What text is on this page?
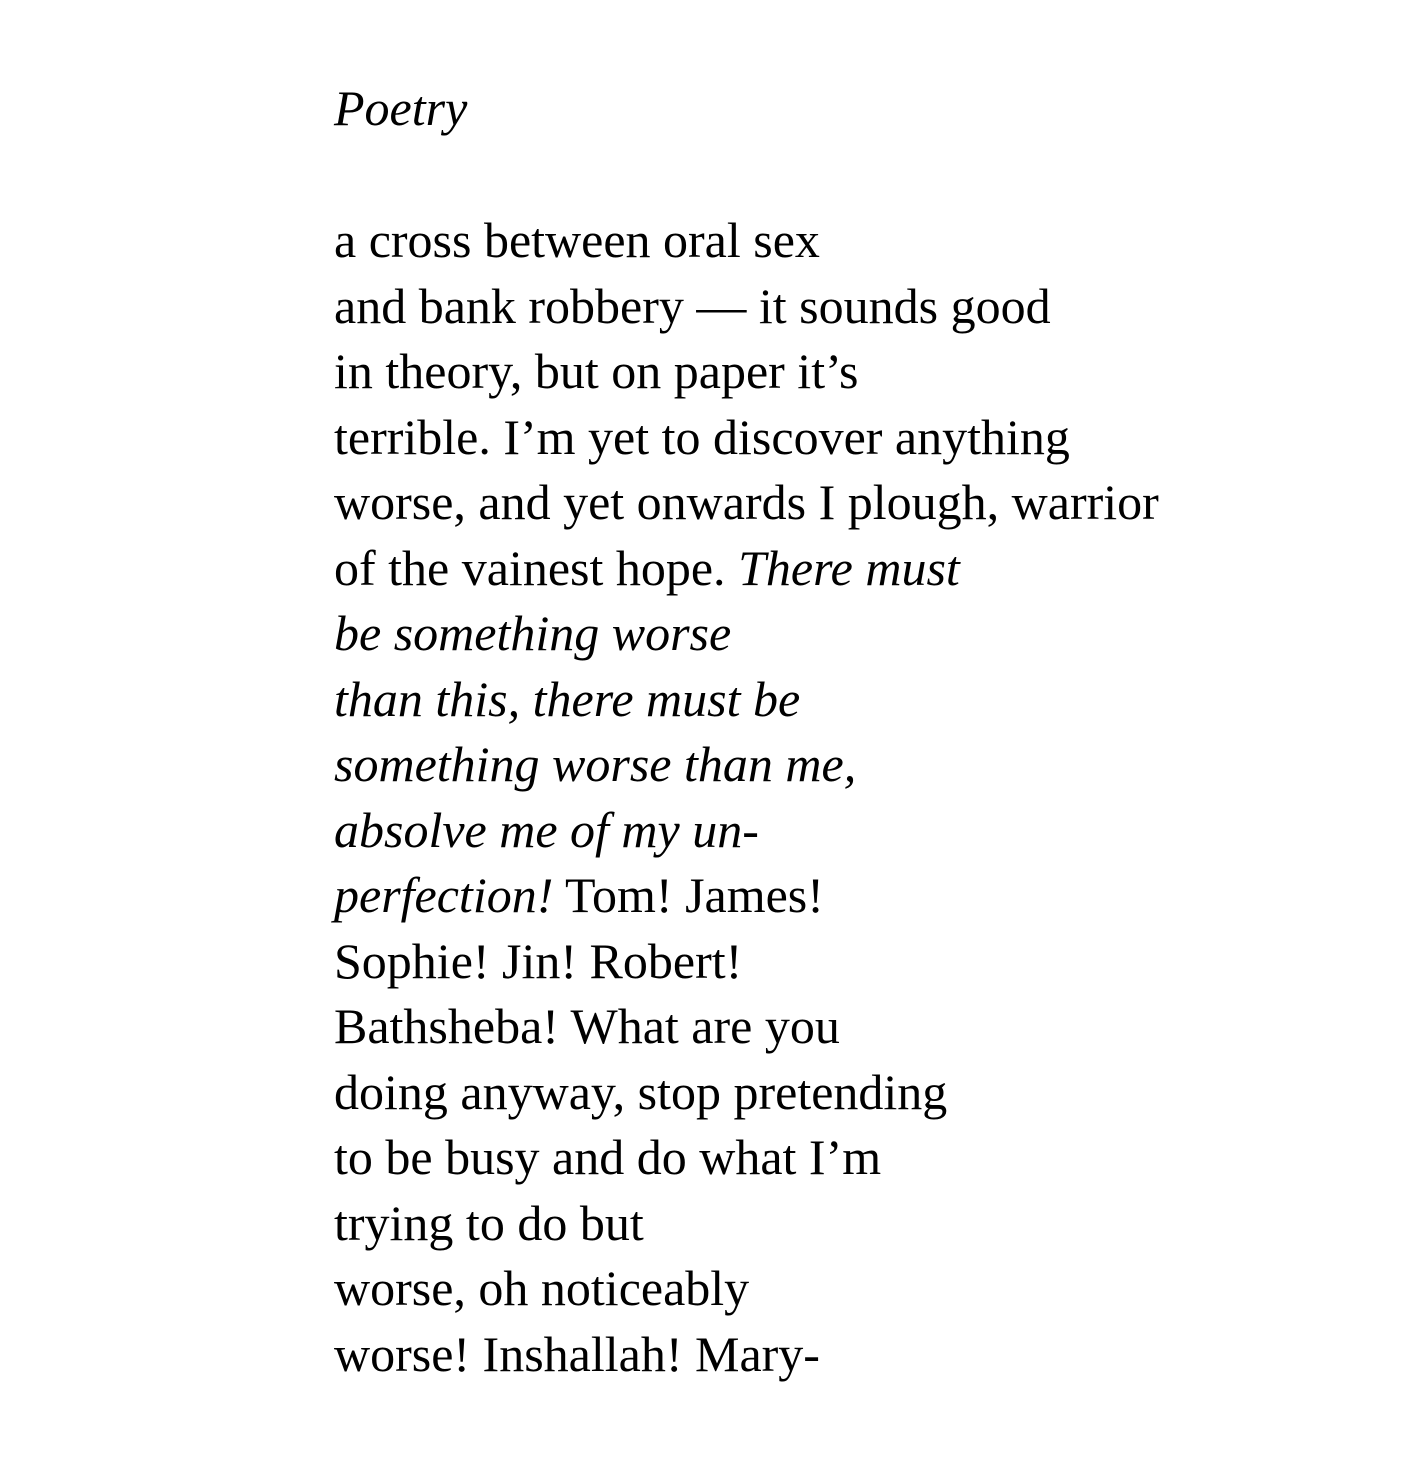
Poetry
a cross between oral sex
and bank robbery — it sounds good
in theory, but on paper it’s
terrible. I’m yet to discover anything
worse, and yet onwards I plough, warrior
of the vainest hope. There must
be something worse
than this, there must be
something worse than me,
absolve me of my un-
perfection! Tom! James!
Sophie! Jin! Robert!
Bathsheba! What are you
doing anyway, stop pretending
to be busy and do what I’m
trying to do but
worse, oh noticeably
worse! Inshallah! Mary-
